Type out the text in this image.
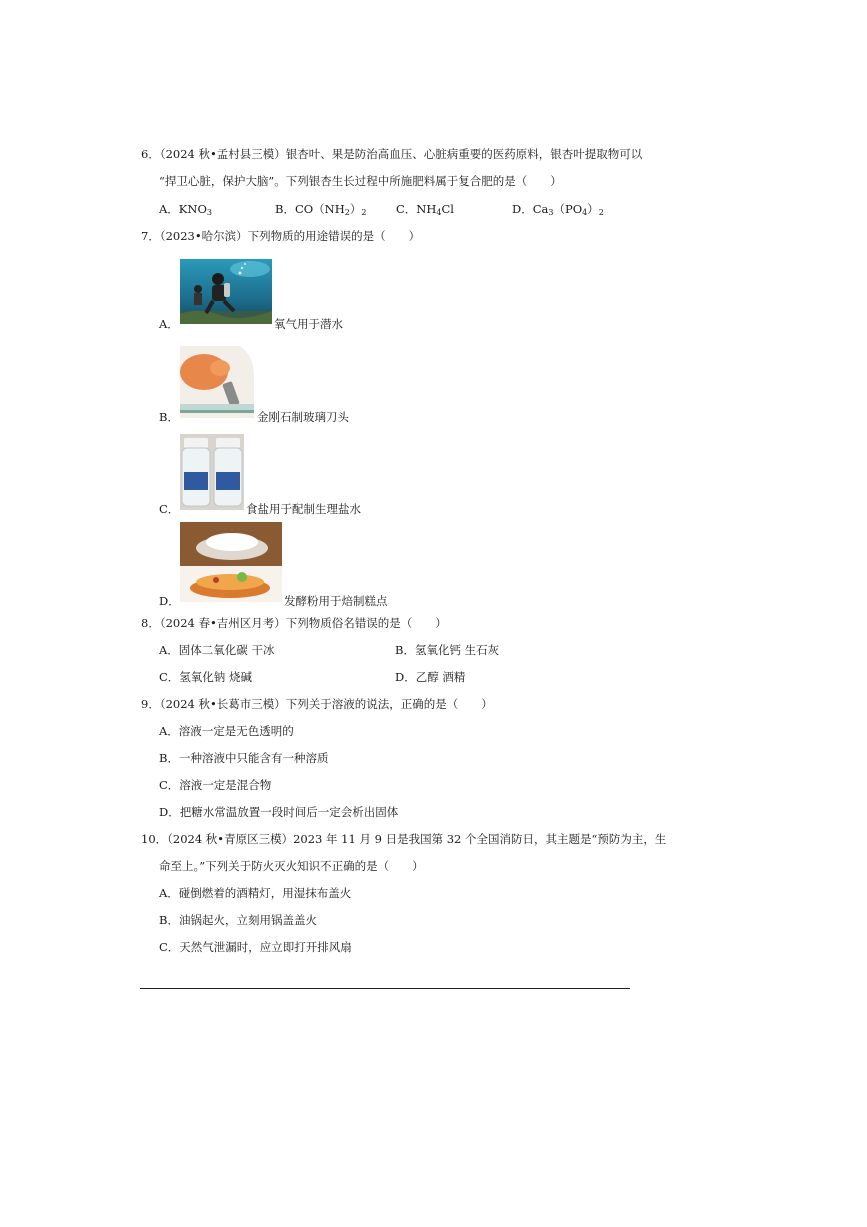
6．（2024 秋•孟村县三模）银杏叶、果是防治高血压、心脏病重要的医药原料，银杏叶提取物可以
“捍卫心脏，保护大脑”。下列银杏生长过程中所施肥料属于复合肥的是（　　）
A．$KNO_3$	B．$CO(NH_2)_2$	C．$NH_4Cl$	D．$Ca_3(PO_4)_2$
7．（2023•哈尔滨）下列物质的用途错误的是（　　）
A．	氧气用于潜水
B．	金刚石制玻璃刀头
C．	食盐用于配制生理盐水
D．	发酵粉用于焙制糕点
8．（2024 春•吉州区月考）下列物质俗名错误的是（　　）
A．固体二氧化碳 干冰	B．氢氧化钙 生石灰
C．氢氧化钠 烧碱	D．乙醇 酒精
9．（2024 秋•长葛市三模）下列关于溶液的说法，正确的是（　　）
A．溶液一定是无色透明的
B．一种溶液中只能含有一种溶质
C．溶液一定是混合物
D．把糖水常温放置一段时间后一定会析出固体
10．（2024 秋•青原区三模）2023 年 11 月 9 日是我国第 32 个全国消防日，其主题是“预防为主，生
命至上。”下列关于防火灭火知识不正确的是（　　）
A．碰倒燃着的酒精灯，用湿抹布盖火
B．油锅起火，立刻用锅盖盖火
C．天然气泄漏时，应立即打开排风扇
